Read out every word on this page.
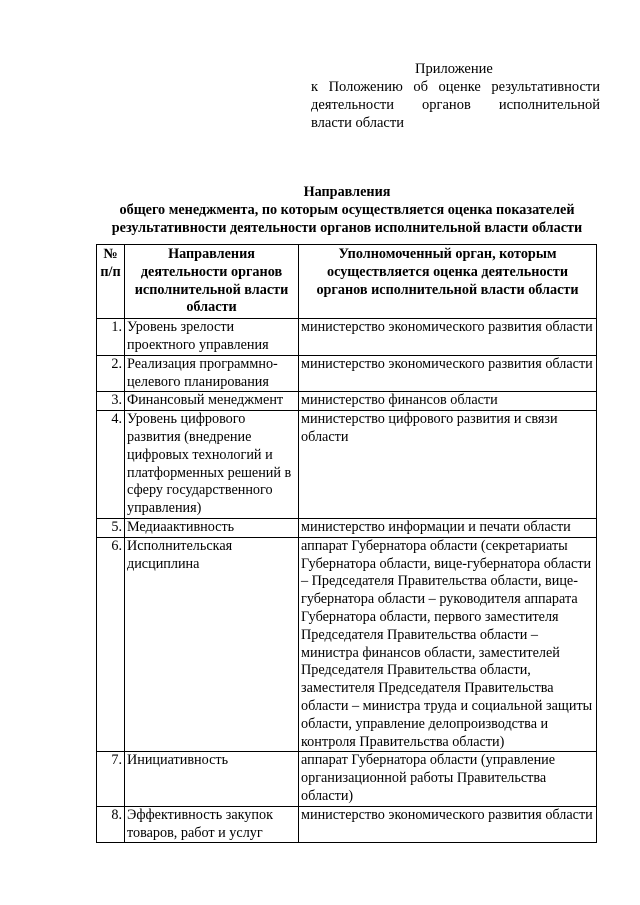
Приложение
к Положению об оценке результативности
деятельности органов исполнительной
власти области
Направления
общего менеджмента, по которым осуществляется оценка показателей
результативности деятельности органов исполнительной власти области
№ п/п	Направления деятельности органов исполнительной власти области	Уполномоченный орган, которым осуществляется оценка деятельности органов исполнительной власти области
1.	Уровень зрелости проектного управления	министерство экономического развития области
2.	Реализация программно-целевого планирования	министерство экономического развития области
3.	Финансовый менеджмент	министерство финансов области
4.	Уровень цифрового развития (внедрение цифровых технологий и платформенных решений в сферу государственного управления)	министерство цифрового развития и связи области
5.	Медиаактивность	министерство информации и печати области
6.	Исполнительская дисциплина	аппарат Губернатора области (секретариаты Губернатора области, вице-губернатора области – Председателя Правительства области, вице-губернатора области – руководителя аппарата Губернатора области, первого заместителя Председателя Правительства области – министра финансов области, заместителей Председателя Правительства области, заместителя Председателя Правительства области – министра труда и социальной защиты области, управление делопроизводства и контроля Правительства области)
7.	Инициативность	аппарат Губернатора области (управление организационной работы Правительства области)
8.	Эффективность закупок товаров, работ и услуг	министерство экономического развития области
